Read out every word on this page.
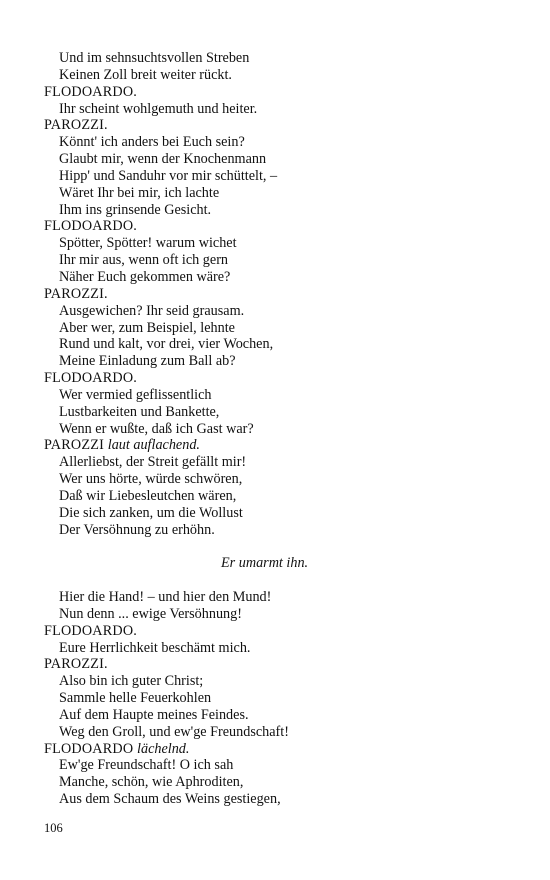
Und im sehnsuchtsvollen Streben
Keinen Zoll breit weiter rückt.
FLODOARDO.
Ihr scheint wohlgemuth und heiter.
PAROZZI.
Könnt' ich anders bei Euch sein?
Glaubt mir, wenn der Knochenmann
Hipp' und Sanduhr vor mir schüttelt, –
Wäret Ihr bei mir, ich lachte
Ihm ins grinsende Gesicht.
FLODOARDO.
Spötter, Spötter! warum wichet
Ihr mir aus, wenn oft ich gern
Näher Euch gekommen wäre?
PAROZZI.
Ausgewichen? Ihr seid grausam.
Aber wer, zum Beispiel, lehnte
Rund und kalt, vor drei, vier Wochen,
Meine Einladung zum Ball ab?
FLODOARDO.
Wer vermied geflissentlich
Lustbarkeiten und Bankette,
Wenn er wußte, daß ich Gast war?
PAROZZI laut auflachend.
Allerliebst, der Streit gefällt mir!
Wer uns hörte, würde schwören,
Daß wir Liebesleutchen wären,
Die sich zanken, um die Wollust
Der Versöhnung zu erhöhn.
Er umarmt ihn.
Hier die Hand! – und hier den Mund!
Nun denn ... ewige Versöhnung!
FLODOARDO.
Eure Herrlichkeit beschämt mich.
PAROZZI.
Also bin ich guter Christ;
Sammle helle Feuerkohlen
Auf dem Haupte meines Feindes.
Weg den Groll, und ew'ge Freundschaft!
FLODOARDO lächelnd.
Ew'ge Freundschaft! O ich sah
Manche, schön, wie Aphroditen,
Aus dem Schaum des Weins gestiegen,
106
